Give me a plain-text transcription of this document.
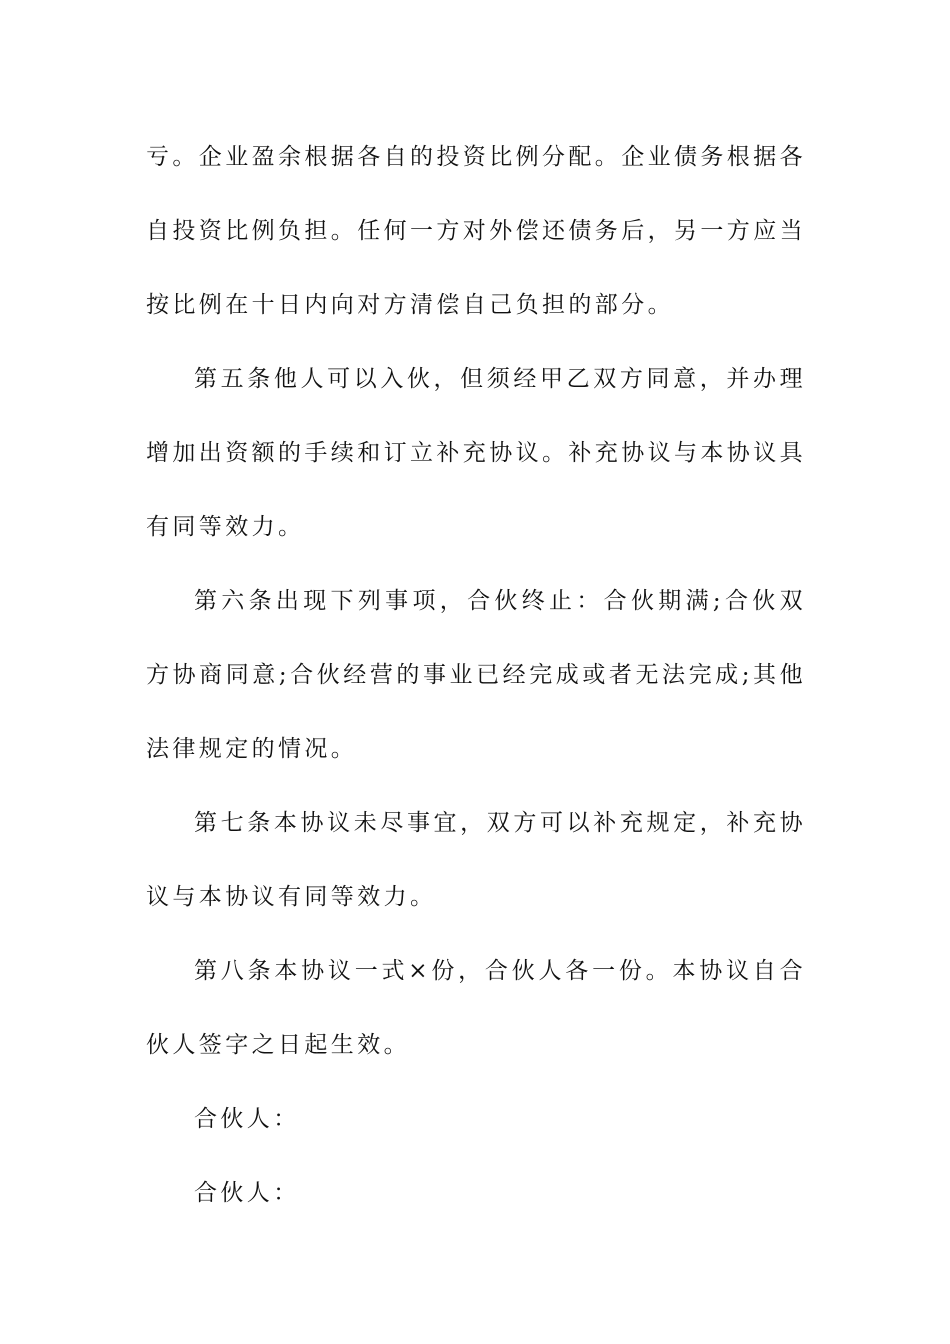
亏。企业盈余根据各自的投资比例分配。企业债务根据各自投资比例负担。任何一方对外偿还债务后，另一方应当按比例在十日内向对方清偿自己负担的部分。

第五条他人可以入伙，但须经甲乙双方同意，并办理增加出资额的手续和订立补充协议。补充协议与本协议具有同等效力。

第六条出现下列事项，合伙终止：合伙期满;合伙双方协商同意;合伙经营的事业已经完成或者无法完成;其他法律规定的情况。

第七条本协议未尽事宜，双方可以补充规定，补充协议与本协议有同等效力。

第八条本协议一式×份，合伙人各一份。本协议自合伙人签字之日起生效。

合伙人：

合伙人：
